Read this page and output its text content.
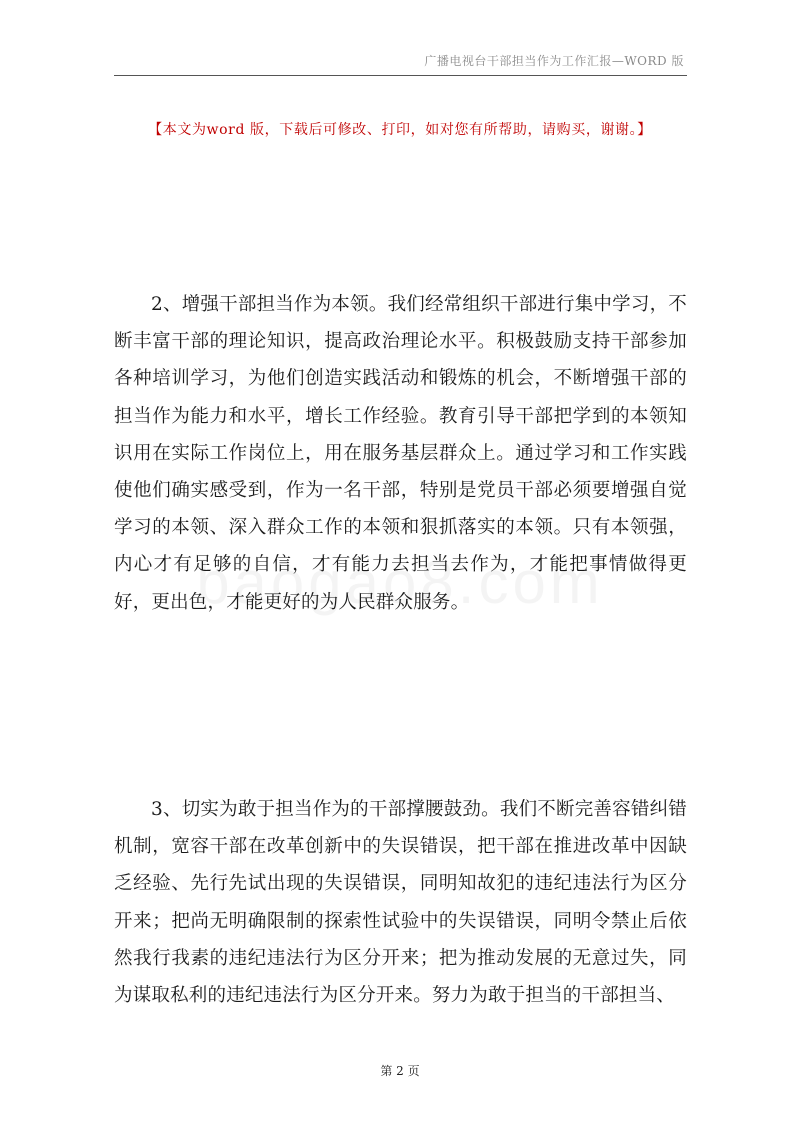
广播电视台干部担当作为工作汇报—WORD 版
【本文为word 版，下载后可修改、打印，如对您有所帮助，请购买，谢谢。】

2、增强干部担当作为本领。我们经常组织干部进行集中学习，不断丰富干部的理论知识，提高政治理论水平。积极鼓励支持干部参加各种培训学习，为他们创造实践活动和锻炼的机会，不断增强干部的担当作为能力和水平，增长工作经验。教育引导干部把学到的本领知识用在实际工作岗位上，用在服务基层群众上。通过学习和工作实践使他们确实感受到，作为一名干部，特别是党员干部必须要增强自觉学习的本领、深入群众工作的本领和狠抓落实的本领。只有本领强，内心才有足够的自信，才有能力去担当去作为，才能把事情做得更好，更出色，才能更好的为人民群众服务。

3、切实为敢于担当作为的干部撑腰鼓劲。我们不断完善容错纠错机制，宽容干部在改革创新中的失误错误，把干部在推进改革中因缺乏经验、先行先试出现的失误错误，同明知故犯的违纪违法行为区分开来；把尚无明确限制的探索性试验中的失误错误，同明令禁止后依然我行我素的违纪违法行为区分开来；把为推动发展的无意过失，同为谋取私利的违纪违法行为区分开来。努力为敢于担当的干部担当、

第 2 页
